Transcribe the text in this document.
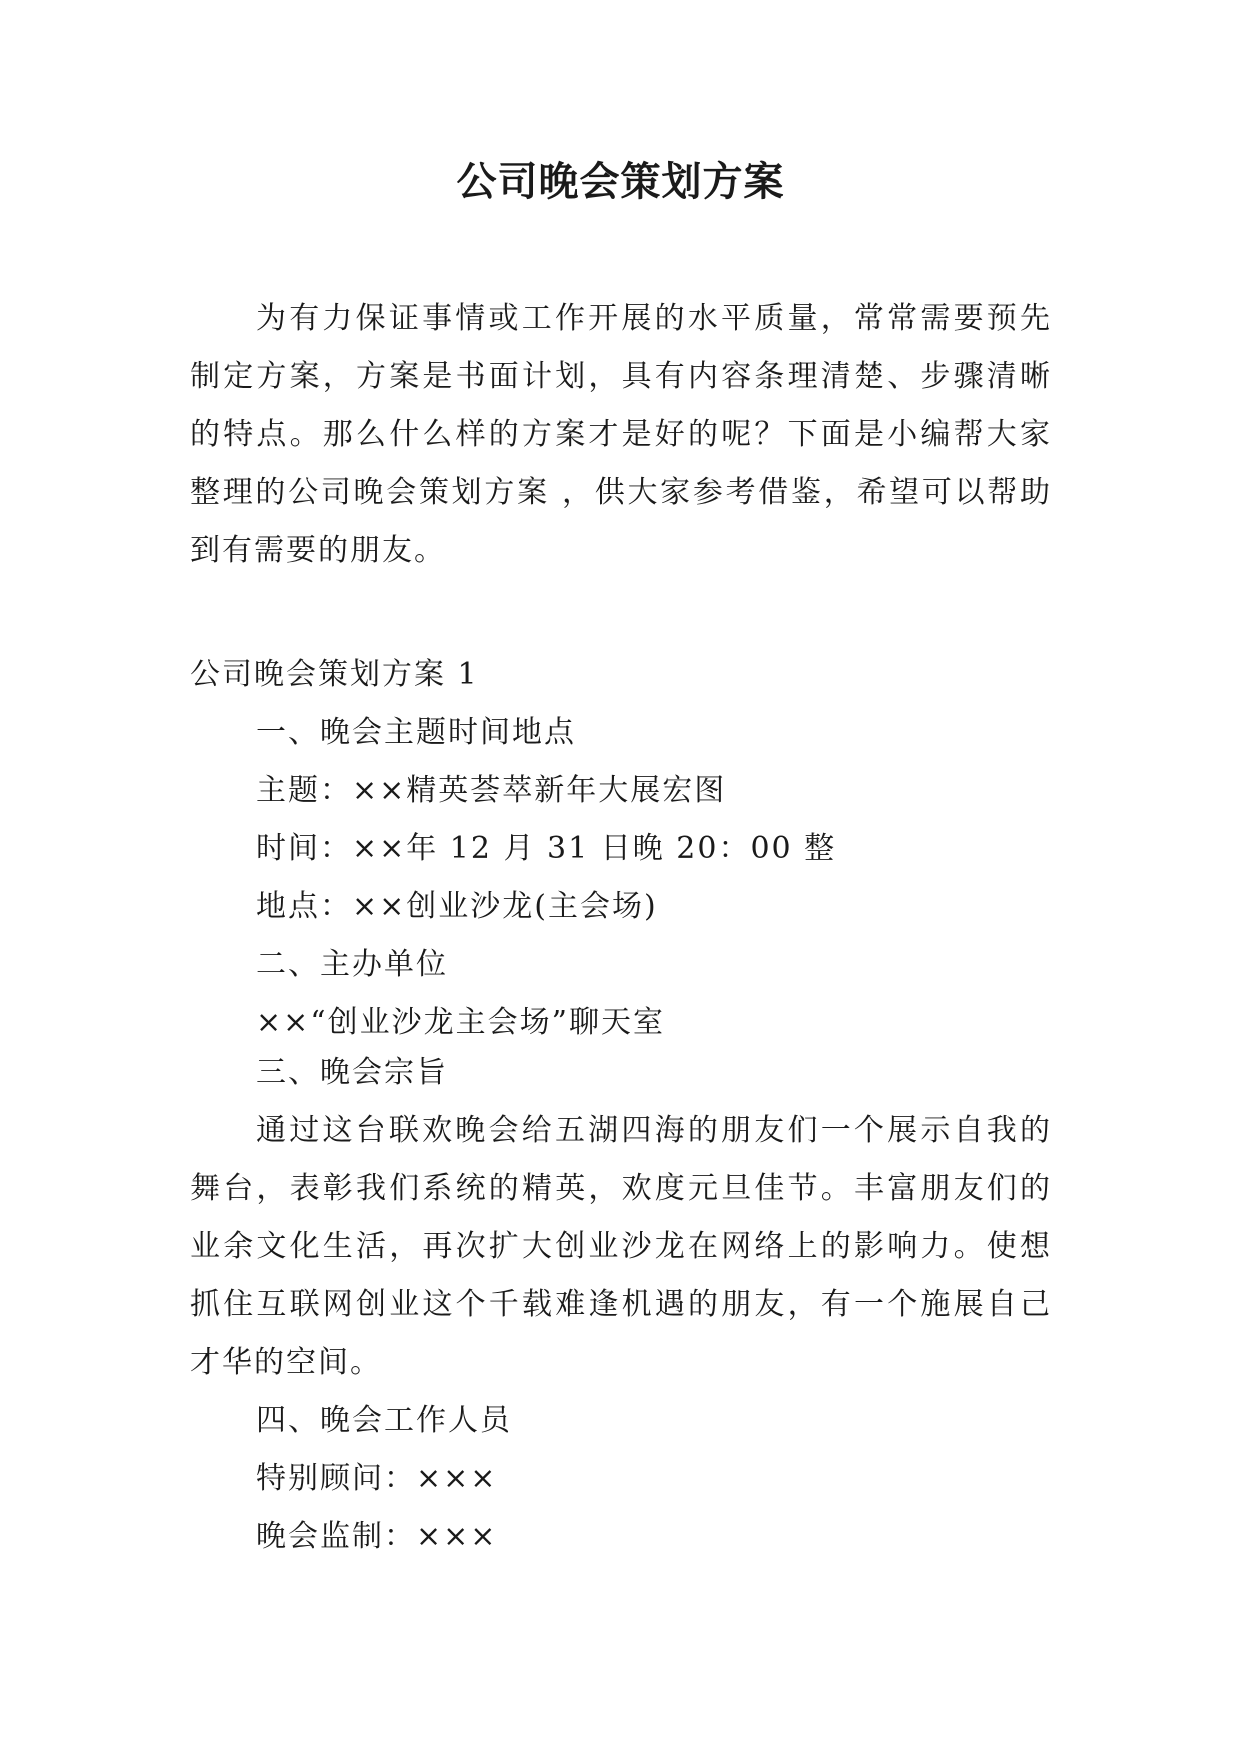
公司晚会策划方案

为有力保证事情或工作开展的水平质量，常常需要预先制定方案，方案是书面计划，具有内容条理清楚、步骤清晰的特点。那么什么样的方案才是好的呢？下面是小编帮大家整理的公司晚会策划方案 ，供大家参考借鉴，希望可以帮助到有需要的朋友。

公司晚会策划方案 1
一、晚会主题时间地点
主题：××精英荟萃新年大展宏图
时间：××年 12 月 31 日晚 20：00 整
地点：××创业沙龙(主会场)
二、主办单位
××“创业沙龙主会场”聊天室
三、晚会宗旨

通过这台联欢晚会给五湖四海的朋友们一个展示自我的舞台，表彰我们系统的精英，欢度元旦佳节。丰富朋友们的业余文化生活，再次扩大创业沙龙在网络上的影响力。使想抓住互联网创业这个千载难逢机遇的朋友，有一个施展自己才华的空间。

四、晚会工作人员
特别顾问：×××
晚会监制：×××
